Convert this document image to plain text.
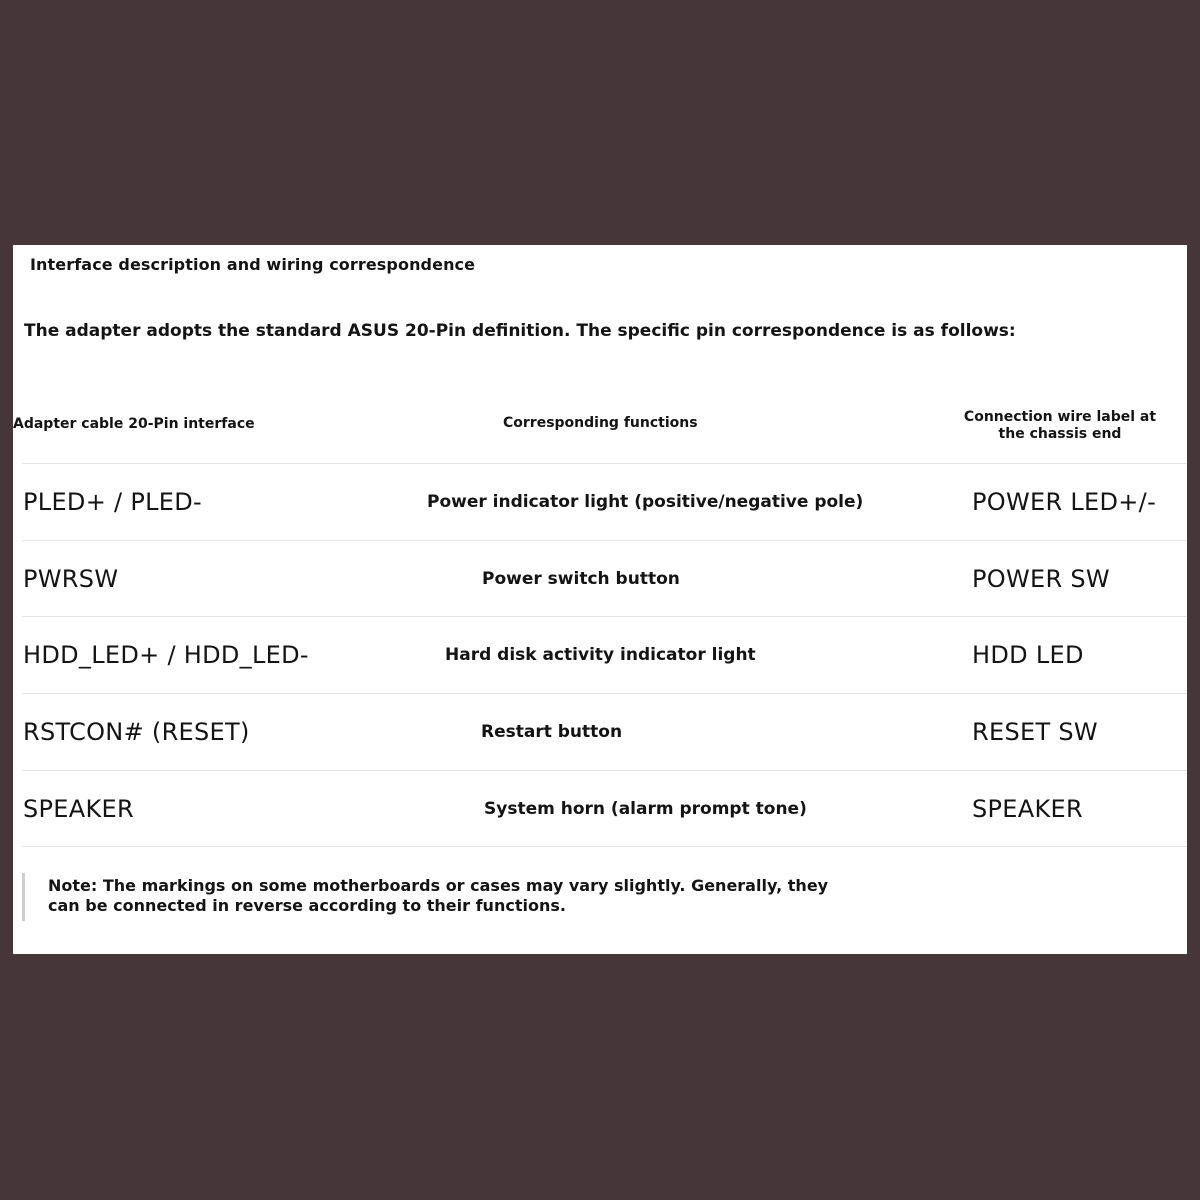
Interface description and wiring correspondence
The adapter adopts the standard ASUS 20-Pin definition. The specific pin correspondence is as follows:
Adapter cable 20-Pin interface	Corresponding functions	Connection wire label at the chassis end
PLED+ / PLED-	Power indicator light (positive/negative pole)	POWER LED+/-
PWRSW	Power switch button	POWER SW
HDD_LED+ / HDD_LED-	Hard disk activity indicator light	HDD LED
RSTCON# (RESET)	Restart button	RESET SW
SPEAKER	System horn (alarm prompt tone)	SPEAKER
Note: The markings on some motherboards or cases may vary slightly. Generally, they can be connected in reverse according to their functions.
